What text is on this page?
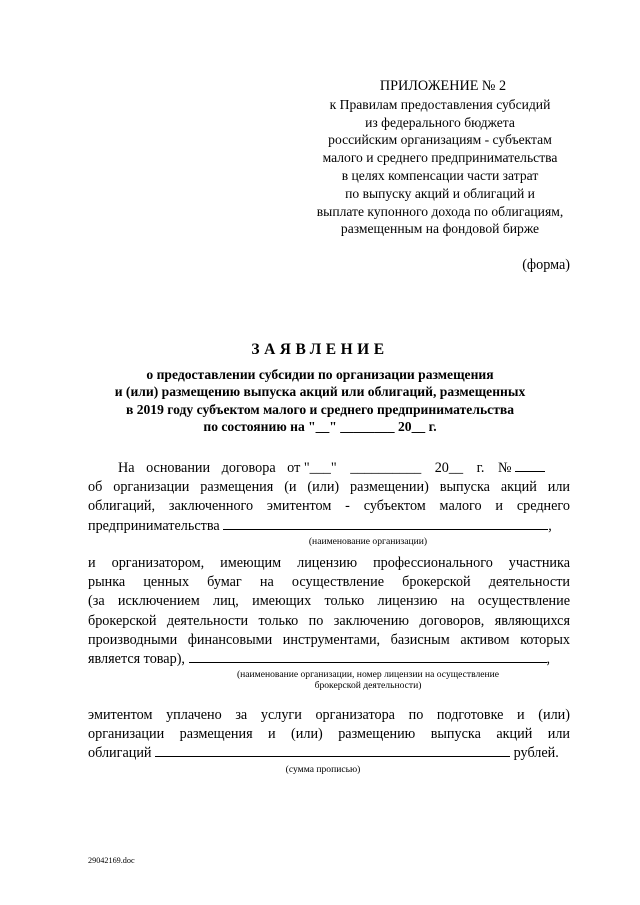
ПРИЛОЖЕНИЕ № 2
к Правилам предоставления субсидий
из федерального бюджета
российским организациям - субъектам
малого и среднего предпринимательства
в целях компенсации части затрат
по выпуску акций и облигаций и
выплате купонного дохода по облигациям,
размещенным на фондовой бирже
(форма)
ЗАЯВЛЕНИЕ
о предоставлении субсидии по организации размещения
и (или) размещению выпуска акций или облигаций, размещенных
в 2019 году субъектом малого и среднего предпринимательства
по состоянию на "__" ________ 20__ г.
На основании договора от "___" __________ 20__ г. №
об организации размещения (и (или) размещении) выпуска акций или
облигаций, заключенного эмитентом - субъектом малого и среднего
предпринимательства	,
(наименование организации)
и организатором, имеющим лицензию профессионального участника
рынка ценных бумаг на осуществление брокерской деятельности
(за исключением лиц, имеющих только лицензию на осуществление
брокерской деятельности только по заключению договоров, являющихся
производными финансовыми инструментами, базисным активом которых
является товар),	,
(наименование организации, номер лицензии на осуществление
брокерской деятельности)
эмитентом уплачено за услуги организатора по подготовке и (или)
организации размещения и (или) размещению выпуска акций или
облигаций	рублей.
(сумма прописью)
29042169.doc
